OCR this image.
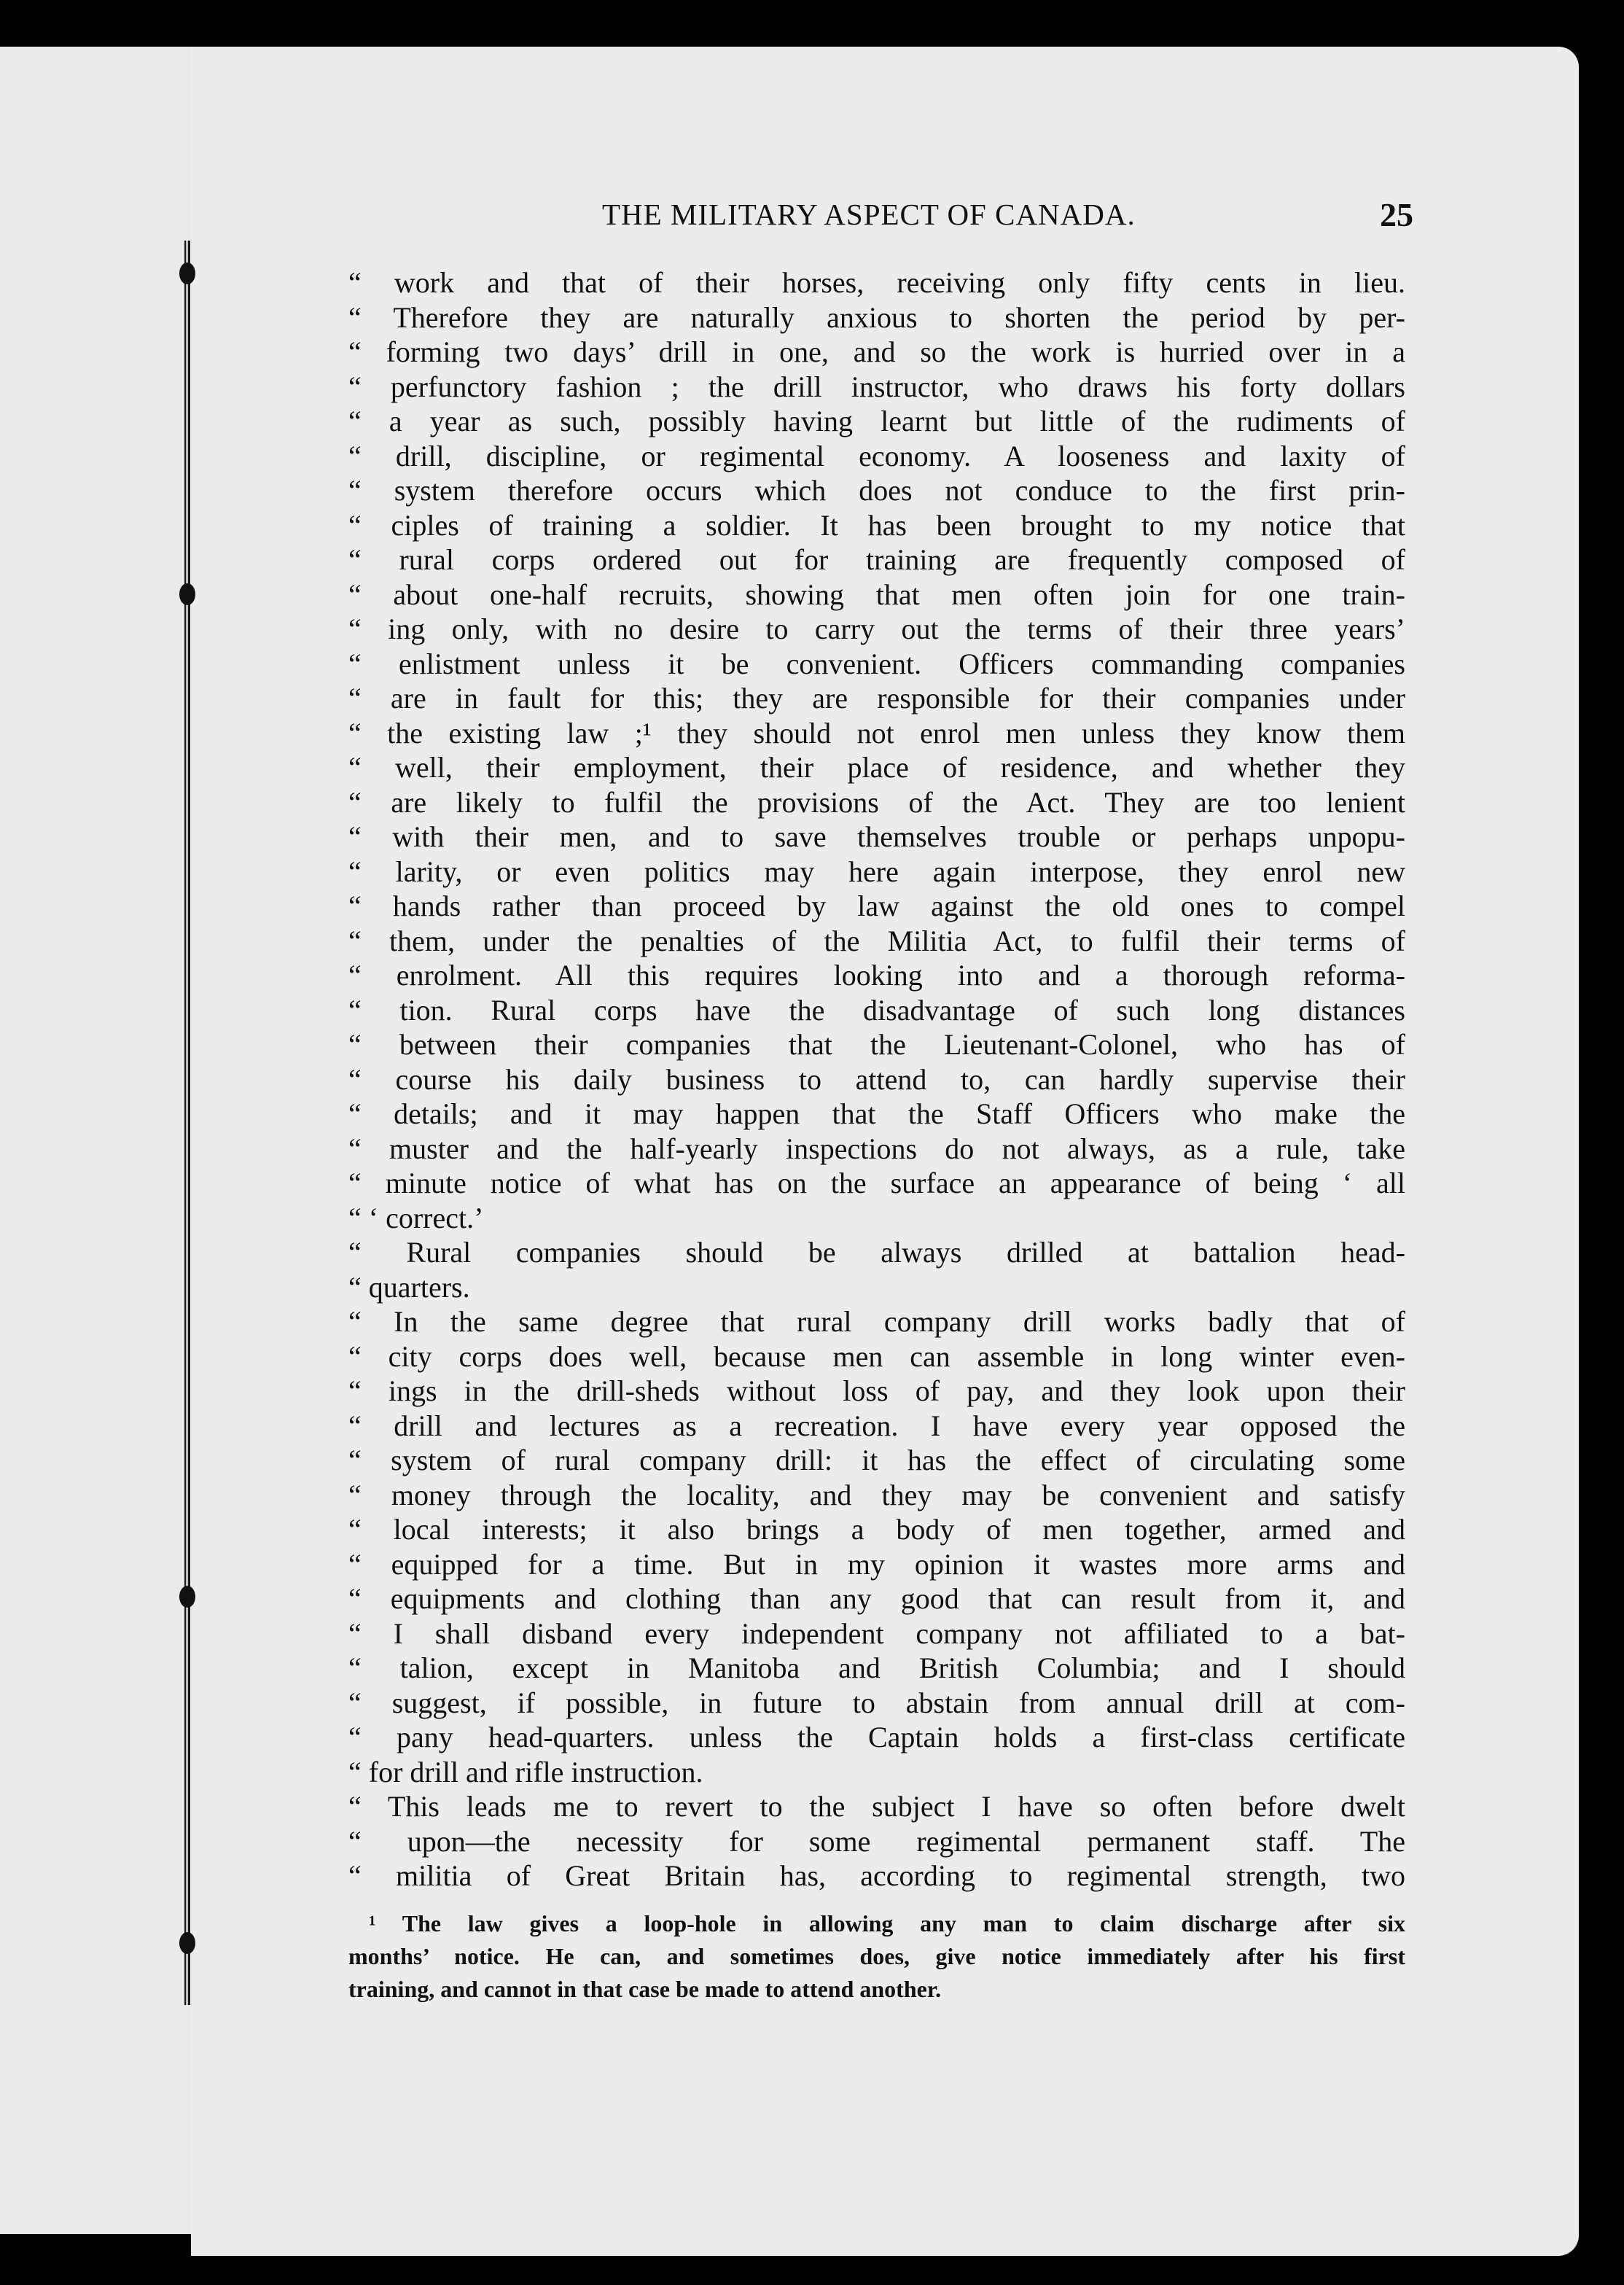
THE MILITARY ASPECT OF CANADA.	25
“ work and that of their horses, receiving only fifty cents in lieu.
“ Therefore they are naturally anxious to shorten the period by per-
“ forming two days’ drill in one, and so the work is hurried over in a
“ perfunctory fashion ; the drill instructor, who draws his forty dollars
“ a year as such, possibly having learnt but little of the rudiments of
“ drill, discipline, or regimental economy. A looseness and laxity of
“ system therefore occurs which does not conduce to the first prin-
“ ciples of training a soldier. It has been brought to my notice that
“ rural corps ordered out for training are frequently composed of
“ about one-half recruits, showing that men often join for one train-
“ ing only, with no desire to carry out the terms of their three years’
“ enlistment unless it be convenient. Officers commanding companies
“ are in fault for this; they are responsible for their companies under
“ the existing law ;¹ they should not enrol men unless they know them
“ well, their employment, their place of residence, and whether they
“ are likely to fulfil the provisions of the Act. They are too lenient
“ with their men, and to save themselves trouble or perhaps unpopu-
“ larity, or even politics may here again interpose, they enrol new
“ hands rather than proceed by law against the old ones to compel
“ them, under the penalties of the Militia Act, to fulfil their terms of
“ enrolment. All this requires looking into and a thorough reforma-
“ tion. Rural corps have the disadvantage of such long distances
“ between their companies that the Lieutenant-Colonel, who has of
“ course his daily business to attend to, can hardly supervise their
“ details; and it may happen that the Staff Officers who make the
“ muster and the half-yearly inspections do not always, as a rule, take
“ minute notice of what has on the surface an appearance of being ‘ all
“ ‘ correct.’
“ Rural companies should be always drilled at battalion head-
“ quarters.
“ In the same degree that rural company drill works badly that of
“ city corps does well, because men can assemble in long winter even-
“ ings in the drill-sheds without loss of pay, and they look upon their
“ drill and lectures as a recreation. I have every year opposed the
“ system of rural company drill: it has the effect of circulating some
“ money through the locality, and they may be convenient and satisfy
“ local interests; it also brings a body of men together, armed and
“ equipped for a time. But in my opinion it wastes more arms and
“ equipments and clothing than any good that can result from it, and
“ I shall disband every independent company not affiliated to a bat-
“ talion, except in Manitoba and British Columbia; and I should
“ suggest, if possible, in future to abstain from annual drill at com-
“ pany head-quarters. unless the Captain holds a first-class certificate
“ for drill and rifle instruction.
“ This leads me to revert to the subject I have so often before dwelt
“ upon—the necessity for some regimental permanent staff. The
“ militia of Great Britain has, according to regimental strength, two
¹ The law gives a loop-hole in allowing any man to claim discharge after six
months’ notice. He can, and sometimes does, give notice immediately after his first
training, and cannot in that case be made to attend another.
